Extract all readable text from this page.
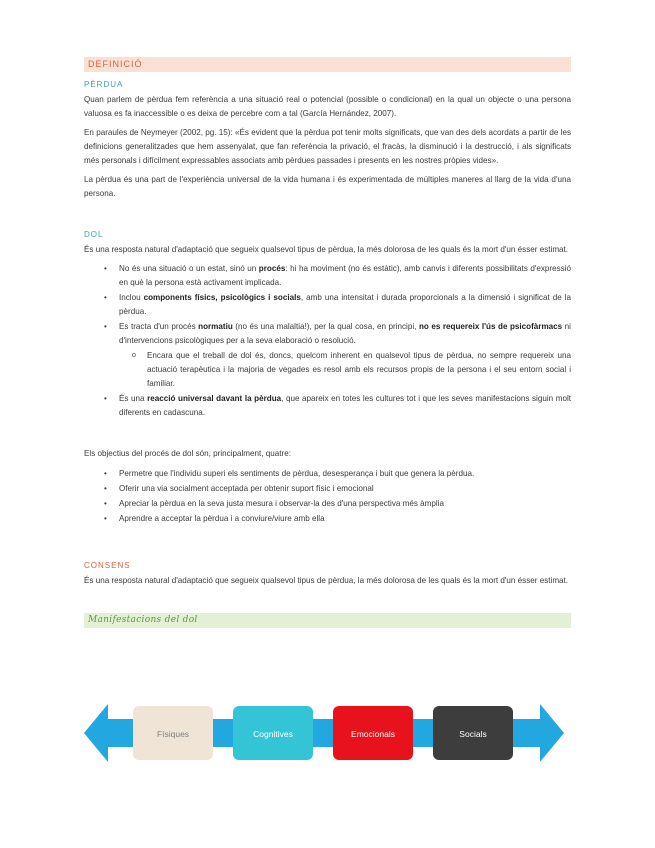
DEFINICIÓ
PÈRDUA

Quan parlem de pèrdua fem referència a una situació real o potencial (possible o condicional) en la qual un objecte o una persona valuosa es fa inaccessible o es deixa de percebre com a tal (García Hernández, 2007).

En paraules de Neymeyer (2002, pg. 15): «És evident que la pèrdua pot tenir molts significats, que van des dels acordats a partir de les definicions generalitzades que hem assenyalat, que fan referència la privació, el fracàs, la disminució i la destrucció, i als significats més personals i difícilment expressables associats amb pèrdues passades i presents en les nostres pròpies vides».

La pèrdua és una part de l'experiència universal de la vida humana i és experimentada de múltiples maneres al llarg de la vida d'una persona.

DOL

És una resposta natural d'adaptació que segueix qualsevol tipus de pèrdua, la més dolorosa de les quals és la mort d'un ésser estimat.

• No és una situació o un estat, sinó un procés: hi ha moviment (no és estàtic), amb canvis i diferents possibilitats d'expressió en què la persona està activament implicada.
• Inclou components físics, psicològics i socials, amb una intensitat i durada proporcionals a la dimensió i significat de la pèrdua.
• Es tracta d'un procés normatiu (no és una malaltia!), per la qual cosa, en principi, no es requereix l'ús de psicofàrmacs ni d'intervencions psicològiques per a la seva elaboració o resolució.
o Encara que el treball de dol és, doncs, quelcom inherent en qualsevol tipus de pèrdua, no sempre requereix una actuació terapèutica i la majoria de vegades es resol amb els recursos propis de la persona i el seu entorn social i familiar.
• És una reacció universal davant la pèrdua, que apareix en totes les cultures tot i que les seves manifestacions siguin molt diferents en cadascuna.

Els objectius del procés de dol són, principalment, quatre:

• Permetre que l'individu superi els sentiments de pèrdua, desesperança i buit que genera la pèrdua.
• Oferir una via socialment acceptada per obtenir suport físic i emocional
• Apreciar la pèrdua en la seva justa mesura i observar-la des d'una perspectiva més àmplia
• Aprendre a acceptar la pèrdua i a conviure/viure amb ella
CONSENS

És una resposta natural d'adaptació que segueix qualsevol tipus de pèrdua, la més dolorosa de les quals és la mort d'un ésser estimat.

Manifestacions del dol
Físiques	Cognitives	Emocionals	Socials
